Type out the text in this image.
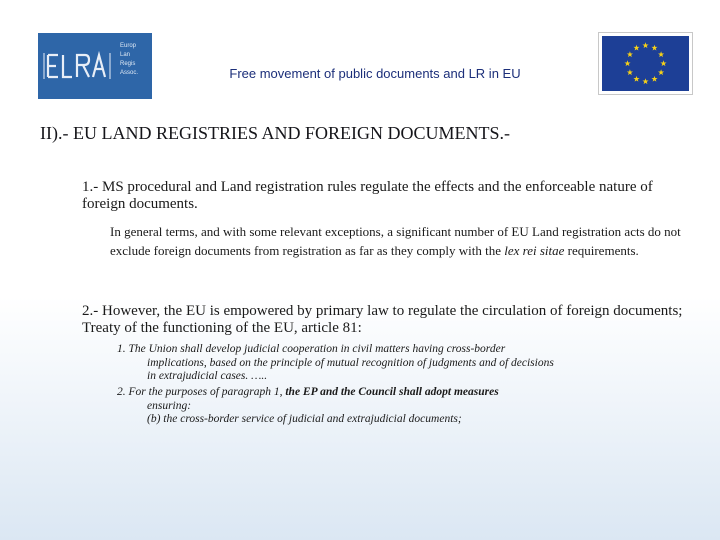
Europ
Lan
Regis
Assoc.	Free movement of public documents and LR in EU
II).- EU LAND REGISTRIES AND FOREIGN DOCUMENTS.-
1.- MS procedural and Land registration rules regulate the effects and the enforceable nature of foreign documents.
In general terms, and with some relevant exceptions, a significant number of EU Land registration acts do not exclude foreign documents from registration as far as they comply with the lex rei sitae requirements.
2.- However, the EU is empowered by primary law to regulate the circulation of foreign documents; Treaty of the functioning of the EU, article 81:
1. The Union shall develop judicial cooperation in civil matters having cross-border
implications, based on the principle of mutual recognition of judgments and of decisions
in extrajudicial cases. …..
2. For the purposes of paragraph 1, the EP and the Council shall adopt measures
ensuring:
(b) the cross-border service of judicial and extrajudicial documents;
